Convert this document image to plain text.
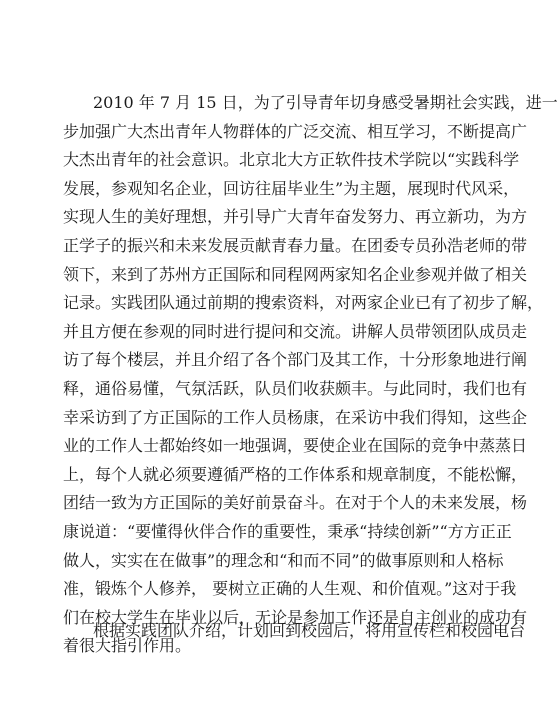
2010 年 7 月 15 日，为了引导青年切身感受暑期社会实践，进一
步加强广大杰出青年人物群体的广泛交流、相互学习，不断提高广
大杰出青年的社会意识。北京北大方正软件技术学院以“实践科学
发展，参观知名企业，回访往届毕业生”为主题，展现时代风采，
实现人生的美好理想，并引导广大青年奋发努力、再立新功，为方
正学子的振兴和未来发展贡献青春力量。在团委专员孙浩老师的带
领下，来到了苏州方正国际和同程网两家知名企业参观并做了相关
记录。实践团队通过前期的搜索资料，对两家企业已有了初步了解，
并且方便在参观的同时进行提问和交流。讲解人员带领团队成员走
访了每个楼层，并且介绍了各个部门及其工作，十分形象地进行阐
释，通俗易懂，气氛活跃，队员们收获颇丰。与此同时，我们也有
幸采访到了方正国际的工作人员杨康，在采访中我们得知，这些企
业的工作人士都始终如一地强调，要使企业在国际的竞争中蒸蒸日
上，每个人就必须要遵循严格的工作体系和规章制度，不能松懈，
团结一致为方正国际的美好前景奋斗。在对于个人的未来发展，杨
康说道：“要懂得伙伴合作的重要性，秉承“持续创新”“方方正正
做人，实实在在做事”的理念和“和而不同”的做事原则和人格标
准，锻炼个人修养， 要树立正确的人生观、和价值观。”这对于我
们在校大学生在毕业以后，无论是参加工作还是自主创业的成功有
着很大指引作用。
根据实践团队介绍，计划回到校园后，将用宣传栏和校园电台
